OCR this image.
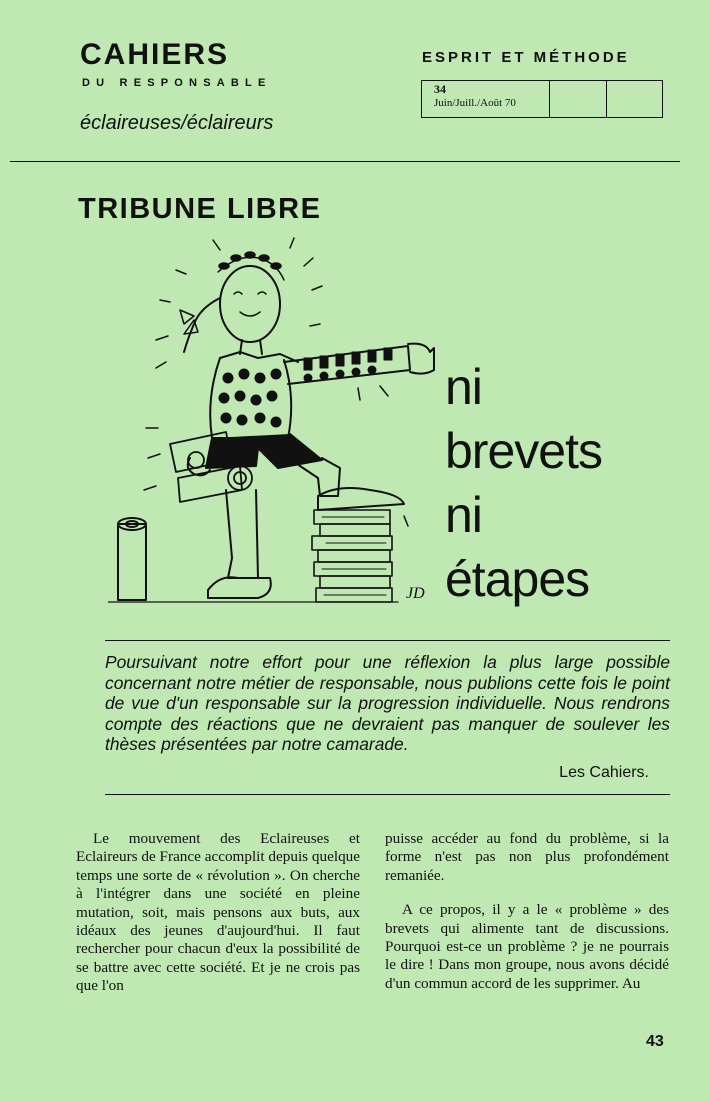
CAHIERS
DU RESPONSABLE
éclaireuses/éclaireurs
ESPRIT ET MÉTHODE
34
Juin/Juill./Août 70
TRIBUNE LIBRE
JD
ni
brevets
ni
étapes
Poursuivant notre effort pour une réflexion la plus large possible concernant notre métier de responsable, nous publions cette fois le point de vue d'un responsable sur la progression individuelle. Nous rendrons compte des réactions que ne devraient pas manquer de soulever les thèses présentées par notre camarade.
Les Cahiers.

Le mouvement des Eclaireuses et Eclaireurs de France accomplit depuis quelque temps une sorte de « révolution ». On cherche à l'intégrer dans une société en pleine mutation, soit, mais pensons aux buts, aux idéaux des jeunes d'aujourd'hui. Il faut rechercher pour chacun d'eux la possibilité de se battre avec cette société. Et je ne crois pas que l'on

puisse accéder au fond du problème, si la forme n'est pas non plus profondément remaniée.

A ce propos, il y a le « problème » des brevets qui alimente tant de discussions. Pourquoi est-ce un problème ? je ne pourrais le dire ! Dans mon groupe, nous avons décidé d'un commun accord de les supprimer. Au

43
